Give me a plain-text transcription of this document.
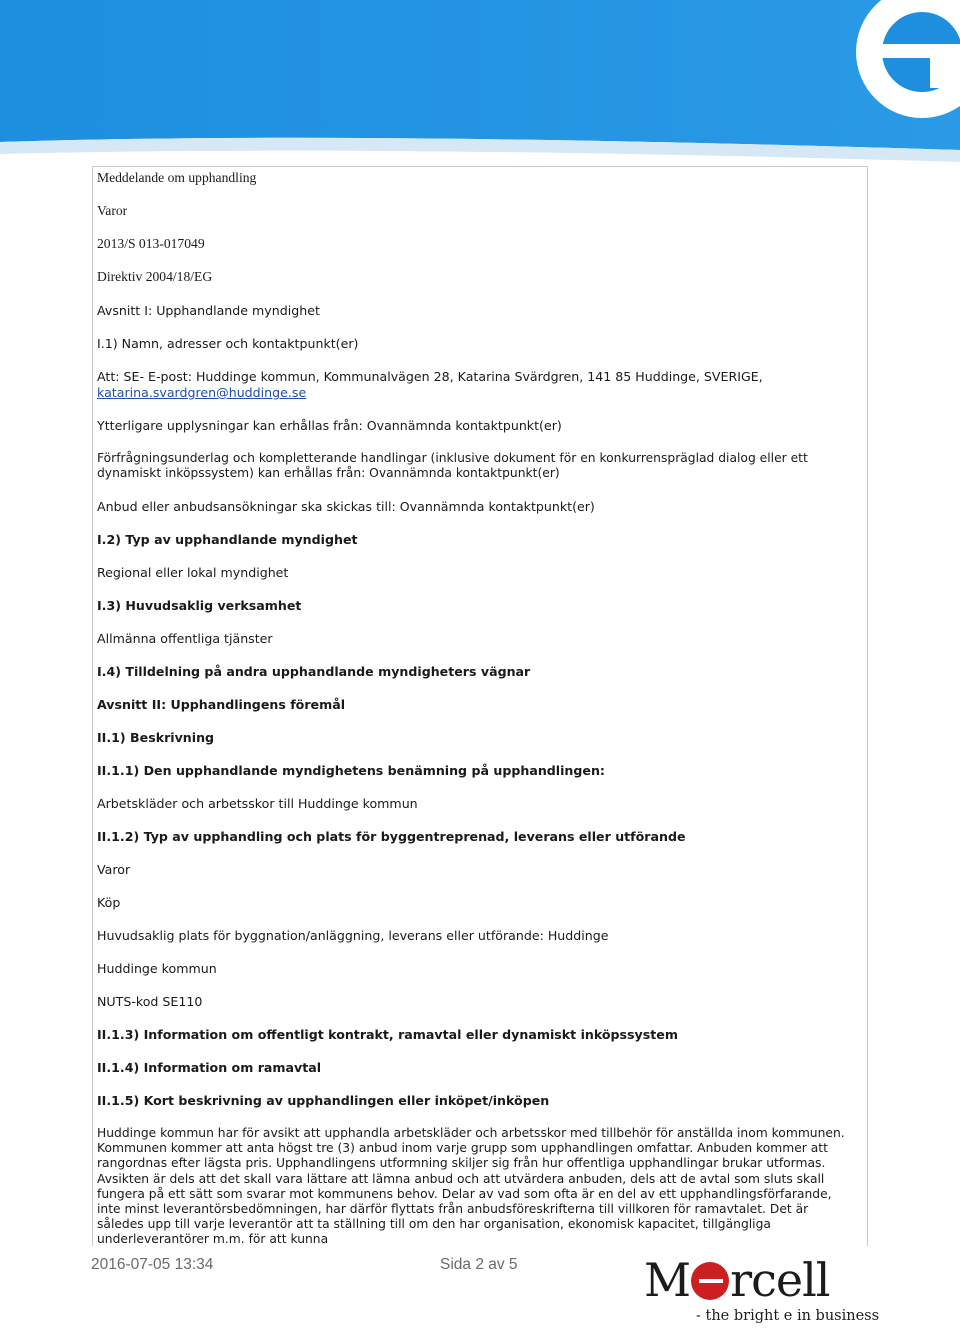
Meddelande om upphandling
Varor
2013/S 013-017049
Direktiv 2004/18/EG
Avsnitt I: Upphandlande myndighet
I.1) Namn, adresser och kontaktpunkt(er)
Att: SE- E-post: Huddinge kommun, Kommunalvägen 28, Katarina Svärdgren, 141 85 Huddinge, SVERIGE,
katarina.svardgren@huddinge.se
Ytterligare upplysningar kan erhållas från: Ovannämnda kontaktpunkt(er)
Förfrågningsunderlag och kompletterande handlingar (inklusive dokument för en konkurrenspräglad dialog eller ett dynamiskt inköpssystem) kan erhållas från: Ovannämnda kontaktpunkt(er)
Anbud eller anbudsansökningar ska skickas till: Ovannämnda kontaktpunkt(er)
I.2) Typ av upphandlande myndighet
Regional eller lokal myndighet
I.3) Huvudsaklig verksamhet
Allmänna offentliga tjänster
I.4) Tilldelning på andra upphandlande myndigheters vägnar
Avsnitt II: Upphandlingens föremål
II.1) Beskrivning
II.1.1) Den upphandlande myndighetens benämning på upphandlingen:
Arbetskläder och arbetsskor till Huddinge kommun
II.1.2) Typ av upphandling och plats för byggentreprenad, leverans eller utförande
Varor
Köp
Huvudsaklig plats för byggnation/anläggning, leverans eller utförande: Huddinge
Huddinge kommun
NUTS-kod SE110
II.1.3) Information om offentligt kontrakt, ramavtal eller dynamiskt inköpssystem
II.1.4) Information om ramavtal
II.1.5) Kort beskrivning av upphandlingen eller inköpet/inköpen
Huddinge kommun har för avsikt att upphandla arbetskläder och arbetsskor med tillbehör för anställda inom kommunen. Kommunen kommer att anta högst tre (3) anbud inom varje grupp som upphandlingen omfattar. Anbuden kommer att rangordnas efter lägsta pris. Upphandlingens utformning skiljer sig från hur offentliga upphandlingar brukar utformas. Avsikten är dels att det skall vara lättare att lämna anbud och att utvärdera anbuden, dels att de avtal som sluts skall fungera på ett sätt som svarar mot kommunens behov. Delar av vad som ofta är en del av ett upphandlingsförfarande, inte minst leverantörsbedömningen, har därför flyttats från anbudsföreskrifterna till villkoren för ramavtalet. Det är således upp till varje leverantör att ta ställning till om den har organisation, ekonomisk kapacitet, tillgängliga underleverantörer m.m. för att kunna
2016-07-05 13:34	Sida 2 av 5	M rcell
- the bright e in business
